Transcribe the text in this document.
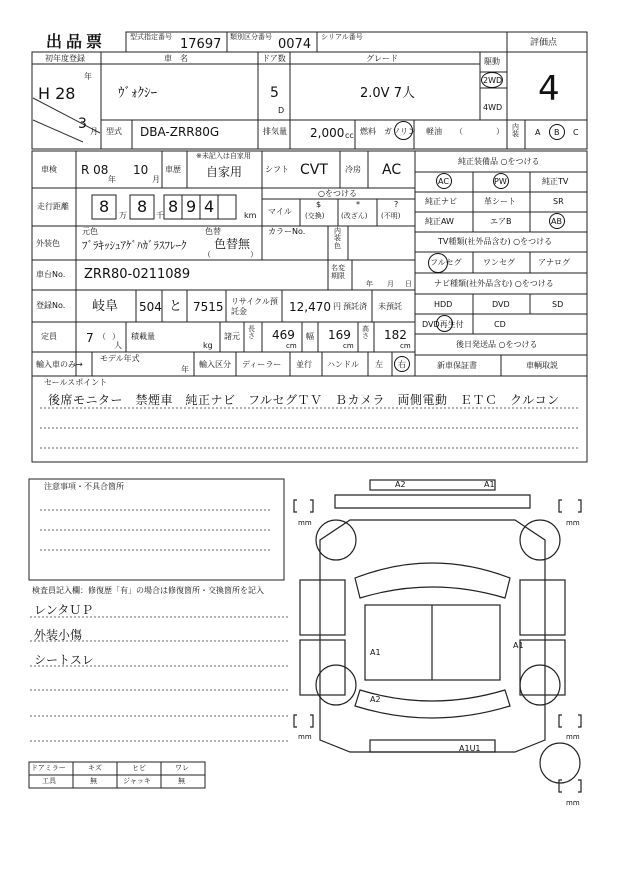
出品票	型式指定番号 17697 類別区分番号 0074 シリアル番号
評価点
4
初年度登録
H 28
年
3 月
車　名
ｳﾞｫｸｼｰ
ドア数
5
D
グレード
2.0V 7人
駆動
2WD
4WD
型式 DBA-ZRR80G	排気量 2,000 cc 燃料 ガソリン 軽油 （	） 内装 A B C
車検 R 08
年
10
月
車歴
※未記入は自家用
自家用	シフト CVT 冷房 AC
走行距離 8 万 8 千 8 9 4	km
○をつける
マイル
$
(交換)
*
(改ざん)
?
(不明)
外装色
元色
ﾌﾞﾗｷｯｼｭｱｹﾞﾊｶﾞﾗｽﾌﾚｰｸ
色替
色替無
（	）
カラーNo.	内装色
車台No. ZRR80-0211089	名変期限
年 月 日
登録No. 岐阜 504 と 7515 リサイクル預託金	12,470 円 預託済 未預託
定員 7 （ ）
人
積載量
kg
諸元
長さ 469
cm
幅 169
cm
高さ 182
cm
輸入車のみ→
モデル年式
年
輸入区分 ディーラー 並行 ハンドル 左 右
純正装備品 ○をつける
AC	PW	純正TV
純正ナビ	革シート	SR
純正AW	エアB	AB
TV種類(社外品含む) ○をつける
フルセグ	ワンセグ	アナログ
ナビ種類(社外品含む) ○をつける
HDD	DVD	SD
DVD再生付	CD
後日発送品 ○をつける
新車保証書	車輌取説
セールスポイント
後席モニター　禁煙車　純正ナビ　フルセグＴＶ　Ｂカメラ　両側電動　ＥＴＣ　クルコン
注意事項・不具合箇所
検査員記入欄：修復歴「有」の場合は修復箇所・交換箇所を記入
レンタＵＰ
外装小傷
シートスレ
A2	A1
A1
A1
A2
A1U1
mm	mm
mm	mm
mm
ドアミラー	キズ	ヒビ	ワレ
工具	無	ジャッキ	無
